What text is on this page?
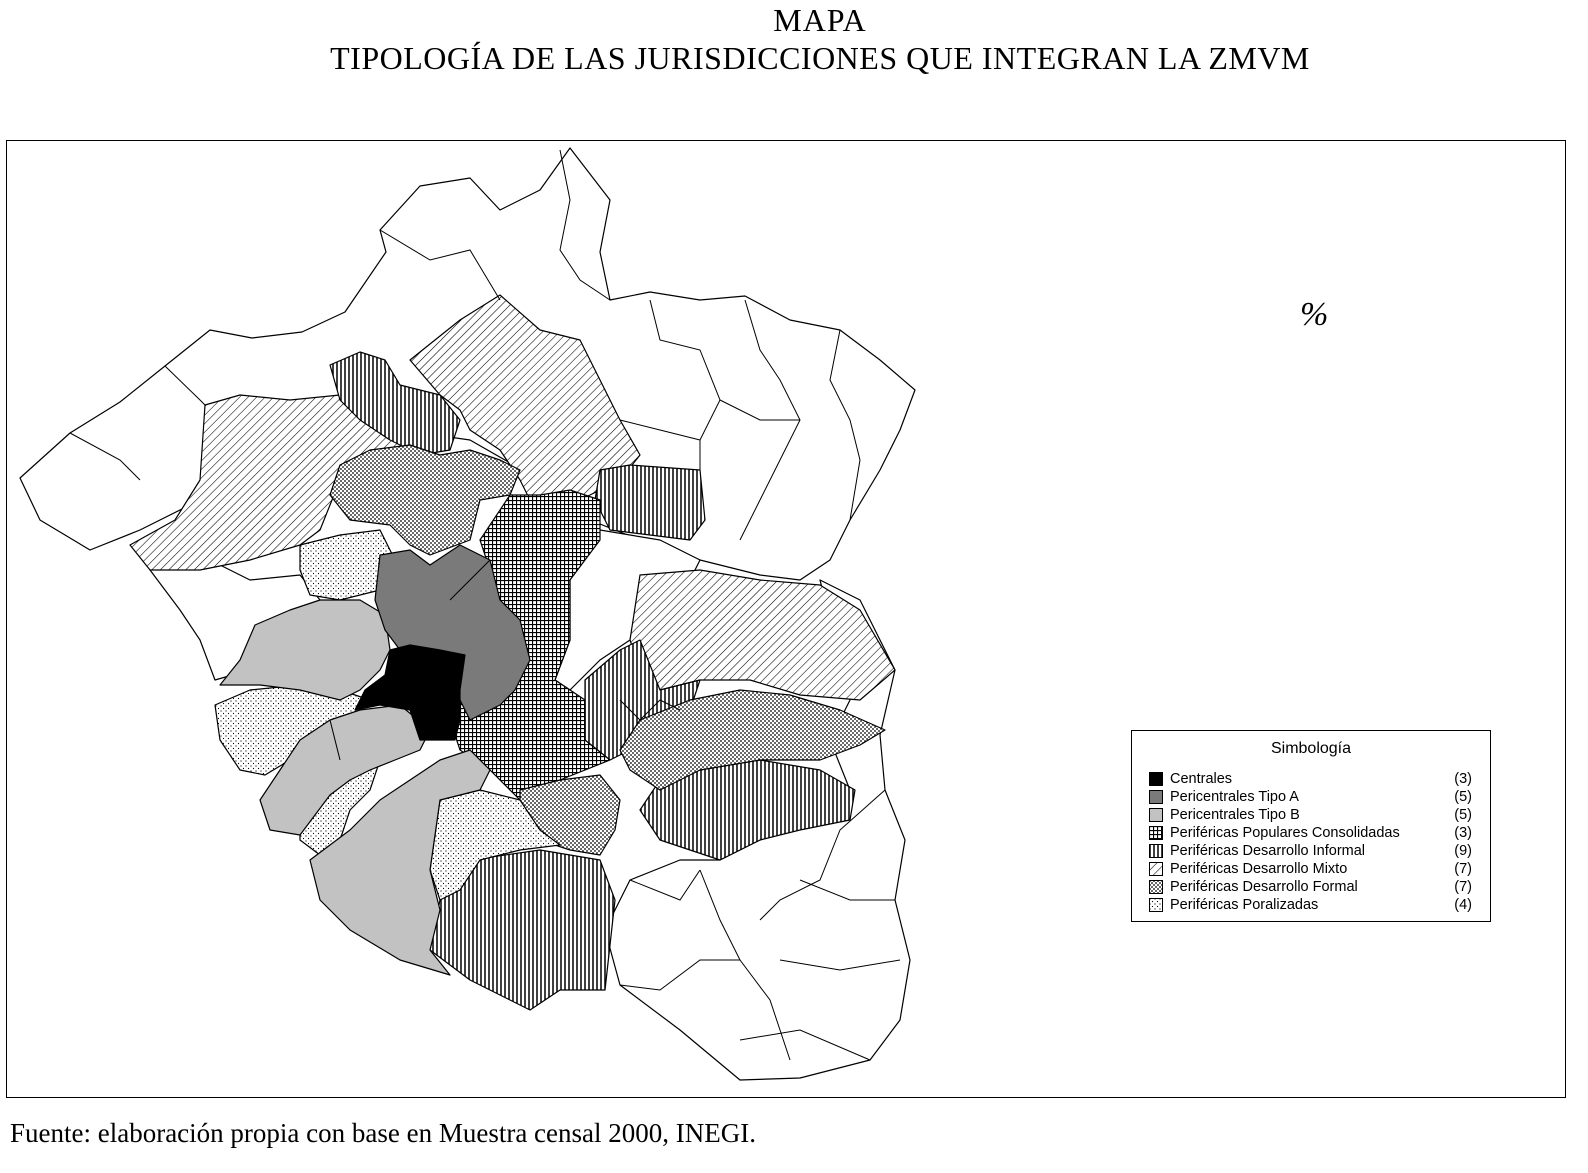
MAPA
TIPOLOGÍA DE LAS JURISDICCIONES QUE INTEGRAN LA ZMVM
%
Simbología
Centrales	(3)
Pericentrales Tipo A	(5)
Pericentrales Tipo B	(5)
Periféricas Populares Consolidadas	(3)
Periféricas Desarrollo Informal	(9)
Periféricas Desarrollo Mixto	(7)
Periféricas Desarrollo Formal	(7)
Periféricas Poralizadas	(4)
Fuente: elaboración propia con base en Muestra censal 2000, INEGI.
